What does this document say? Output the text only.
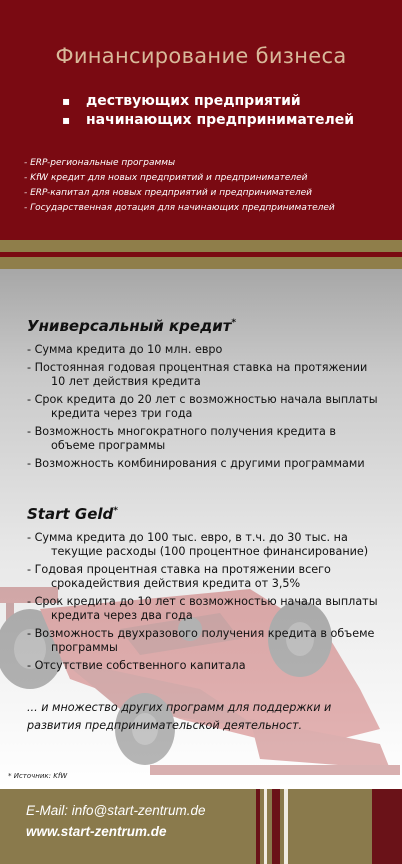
Финансирование бизнеса
▪ дествующих предприятий
▪ начинающих предпринимателей
- ERP-региональные программы
- KfW кредит для новых предприятий и предпринимателей
- ERP-капитал для новых предприятий и предпринимателей
- Государственная дотация для начинающих предпринимателей
Универсальный кредит*
- Сумма кредита до 10 млн. евро
- Постоянная годовая процентная ставка на протяжении 10 лет действия кредита
- Срок кредита до 20 лет с возможностью начала выплаты кредита через три года
- Возможность многократного получения кредита в объеме программы
- Возможность комбинирования с другими программами
Start Geld*
- Сумма кредита до 100 тыс. евро, в т.ч. до 30 тыс. на текущие расходы (100 процентное финансирование)
- Годовая процентная ставка на протяжении всего срокадействия действия кредита от 3,5%
- Срок кредита до 10 лет с возможностью начала выплаты кредита через два года
- Возможность двухразового получения кредита в объеме программы
- Отсутствие собственного капитала
... и множество других программ для поддержки и развития предпринимательской деятельност.
* Источник: KfW
E-Mail: info@start-zentrum.de
www.start-zentrum.de
